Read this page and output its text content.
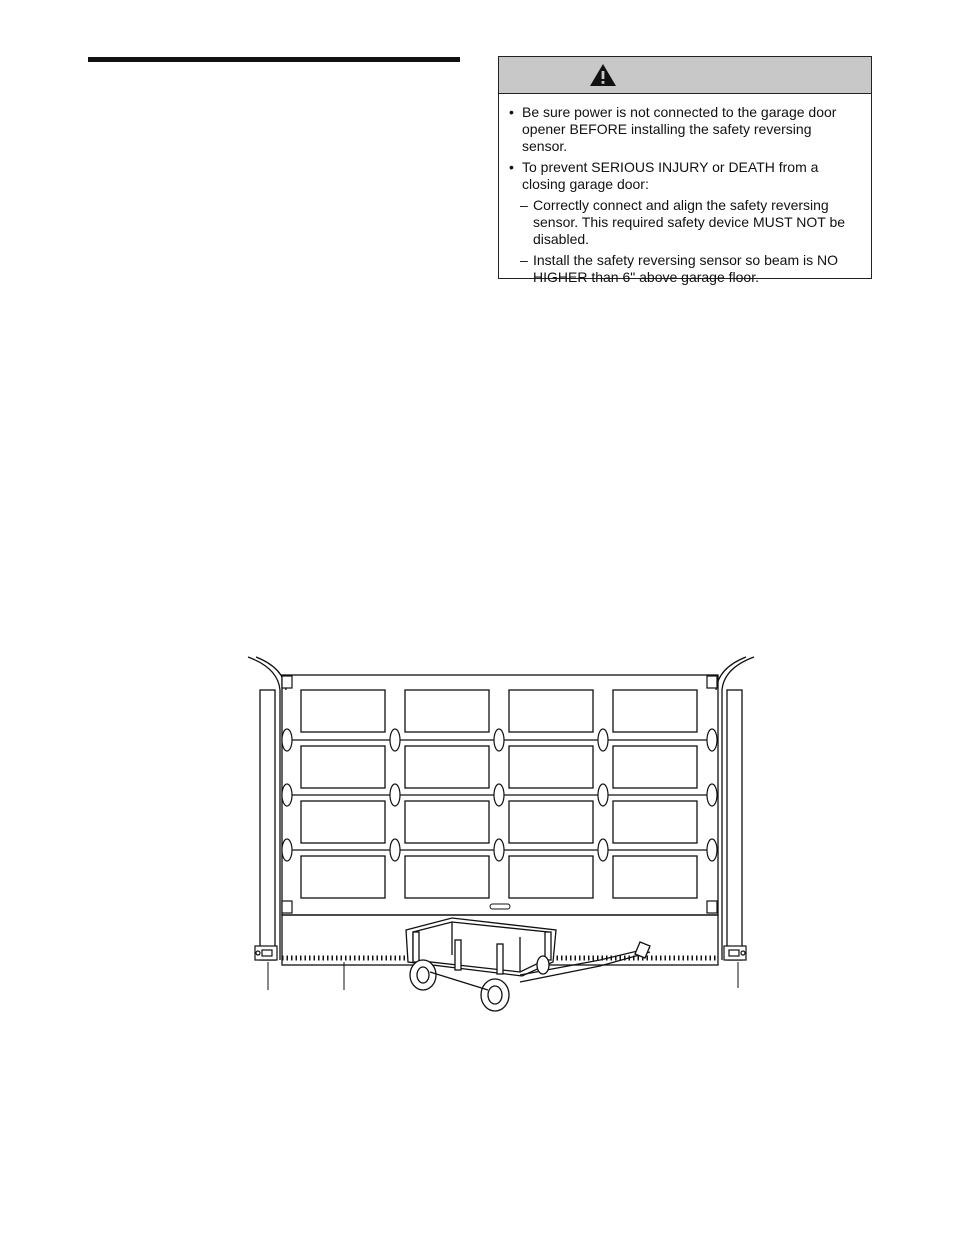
• Be sure power is not connected to the garage door opener BEFORE installing the safety reversing sensor.
• To prevent SERIOUS INJURY or DEATH from a closing garage door:
– Correctly connect and align the safety reversing sensor. This required safety device MUST NOT be disabled.
– Install the safety reversing sensor so beam is NO HIGHER than 6" above garage floor.
